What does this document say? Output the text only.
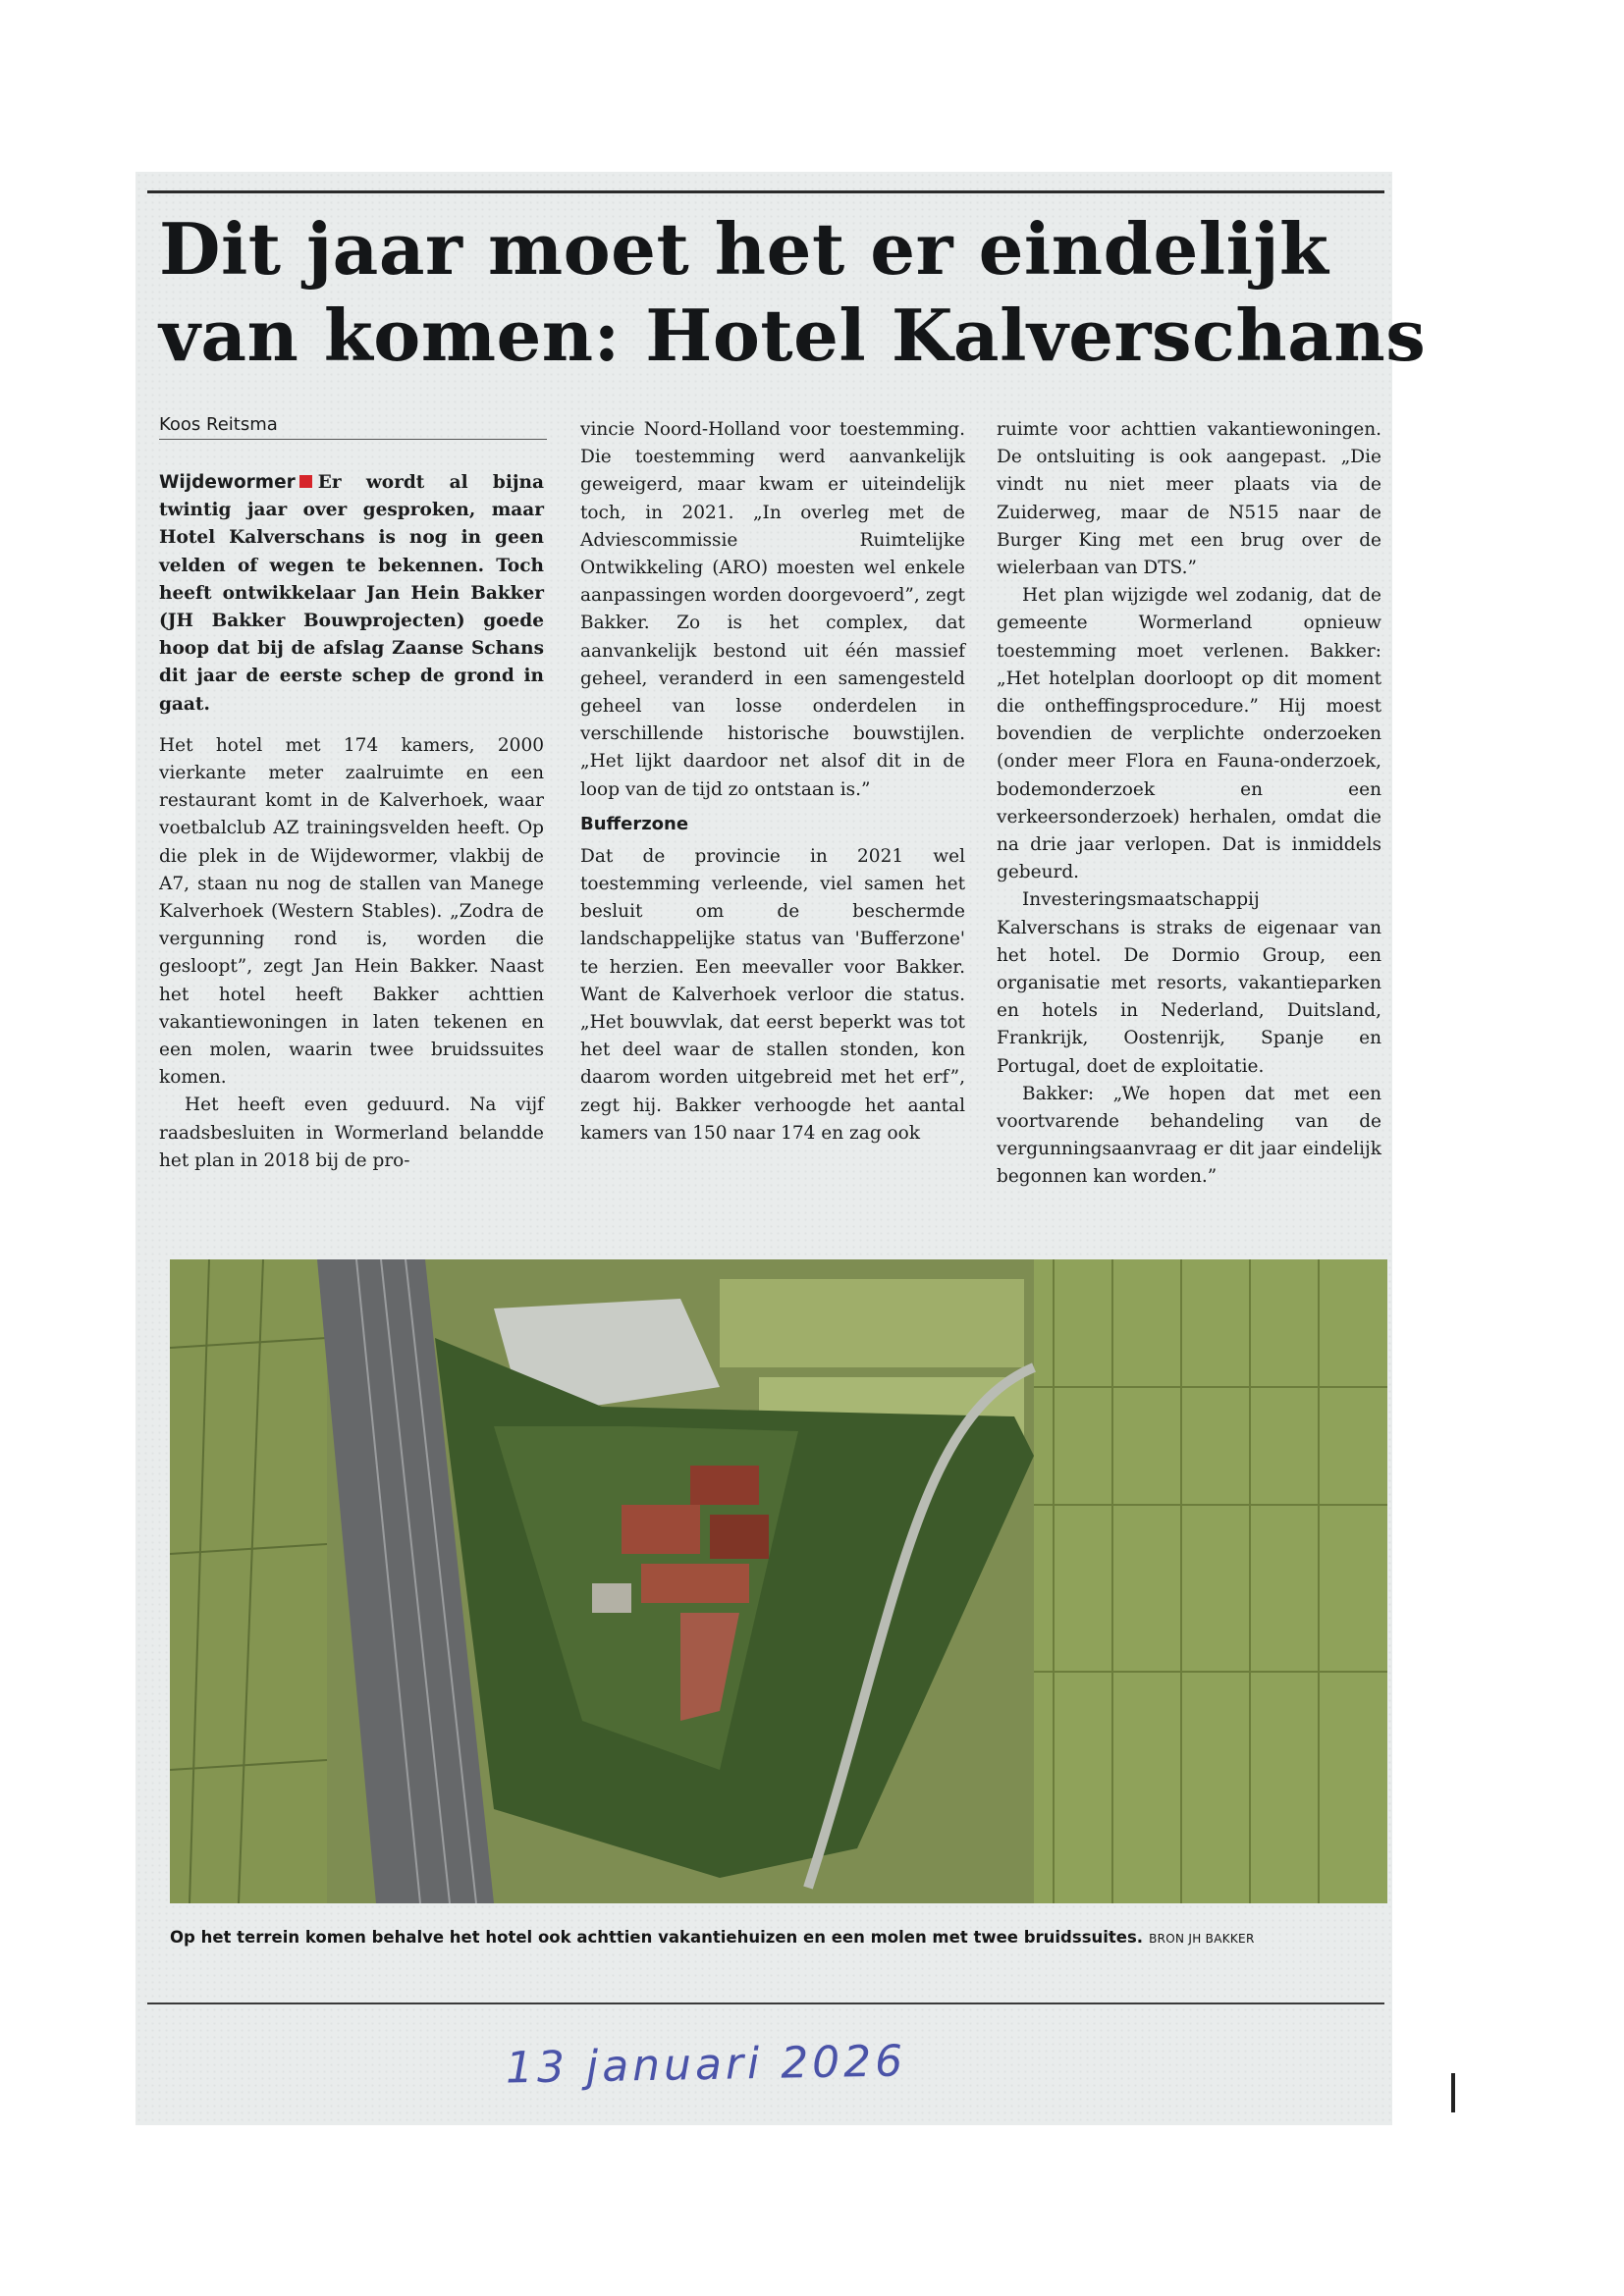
Dit jaar moet het er eindelijk
van komen: Hotel Kalverschans
Koos Reitsma

Wijdewormer Er wordt al bijna twintig jaar over gesproken, maar Hotel Kalverschans is nog in geen velden of wegen te bekennen. Toch heeft ontwikkelaar Jan Hein Bakker (JH Bakker Bouwprojecten) goede hoop dat bij de afslag Zaanse Schans dit jaar de eerste schep de grond in gaat.

Het hotel met 174 kamers, 2000 vierkante meter zaalruimte en een restaurant komt in de Kalverhoek, waar voetbalclub AZ trainingsvelden heeft. Op die plek in de Wijdewormer, vlakbij de A7, staan nu nog de stallen van Manege Kalverhoek (Western Stables). „Zodra de vergunning rond is, worden die gesloopt”, zegt Jan Hein Bakker. Naast het hotel heeft Bakker achttien vakantiewoningen in laten tekenen en een molen, waarin twee bruidssuites komen.

Het heeft even geduurd. Na vijf raadsbesluiten in Wormerland belandde het plan in 2018 bij de pro-

vincie Noord-Holland voor toestemming. Die toestemming werd aanvankelijk geweigerd, maar kwam er uiteindelijk toch, in 2021. „In overleg met de Adviescommissie Ruimtelijke Ontwikkeling (ARO) moesten wel enkele aanpassingen worden doorgevoerd”, zegt Bakker. Zo is het complex, dat aanvankelijk bestond uit één massief geheel, veranderd in een samengesteld geheel van losse onderdelen in verschillende historische bouwstijlen. „Het lijkt daardoor net alsof dit in de loop van de tijd zo ontstaan is.”

Bufferzone

Dat de provincie in 2021 wel toestemming verleende, viel samen het besluit om de beschermde landschappelijke status van 'Bufferzone' te herzien. Een meevaller voor Bakker. Want de Kalverhoek verloor die status. „Het bouwvlak, dat eerst beperkt was tot het deel waar de stallen stonden, kon daarom worden uitgebreid met het erf”, zegt hij. Bakker verhoogde het aantal kamers van 150 naar 174 en zag ook

ruimte voor achttien vakantiewoningen. De ontsluiting is ook aangepast. „Die vindt nu niet meer plaats via de Zuiderweg, maar de N515 naar de Burger King met een brug over de wielerbaan van DTS.”

Het plan wijzigde wel zodanig, dat de gemeente Wormerland opnieuw toestemming moet verlenen. Bakker: „Het hotelplan doorloopt op dit moment die ontheffingsprocedure.” Hij moest bovendien de verplichte onderzoeken (onder meer Flora en Fauna-onderzoek, bodemonderzoek en een verkeersonderzoek) herhalen, omdat die na drie jaar verlopen. Dat is inmiddels gebeurd.

Investeringsmaatschappij Kalverschans is straks de eigenaar van het hotel. De Dormio Group, een organisatie met resorts, vakantieparken en hotels in Nederland, Duitsland, Frankrijk, Oostenrijk, Spanje en Portugal, doet de exploitatie.

Bakker: „We hopen dat met een voortvarende behandeling van de vergunningsaanvraag er dit jaar eindelijk begonnen kan worden.”

Op het terrein komen behalve het hotel ook achttien vakantiehuizen en een molen met twee bruidssuites. BRON JH BAKKER
13 januari 2026
